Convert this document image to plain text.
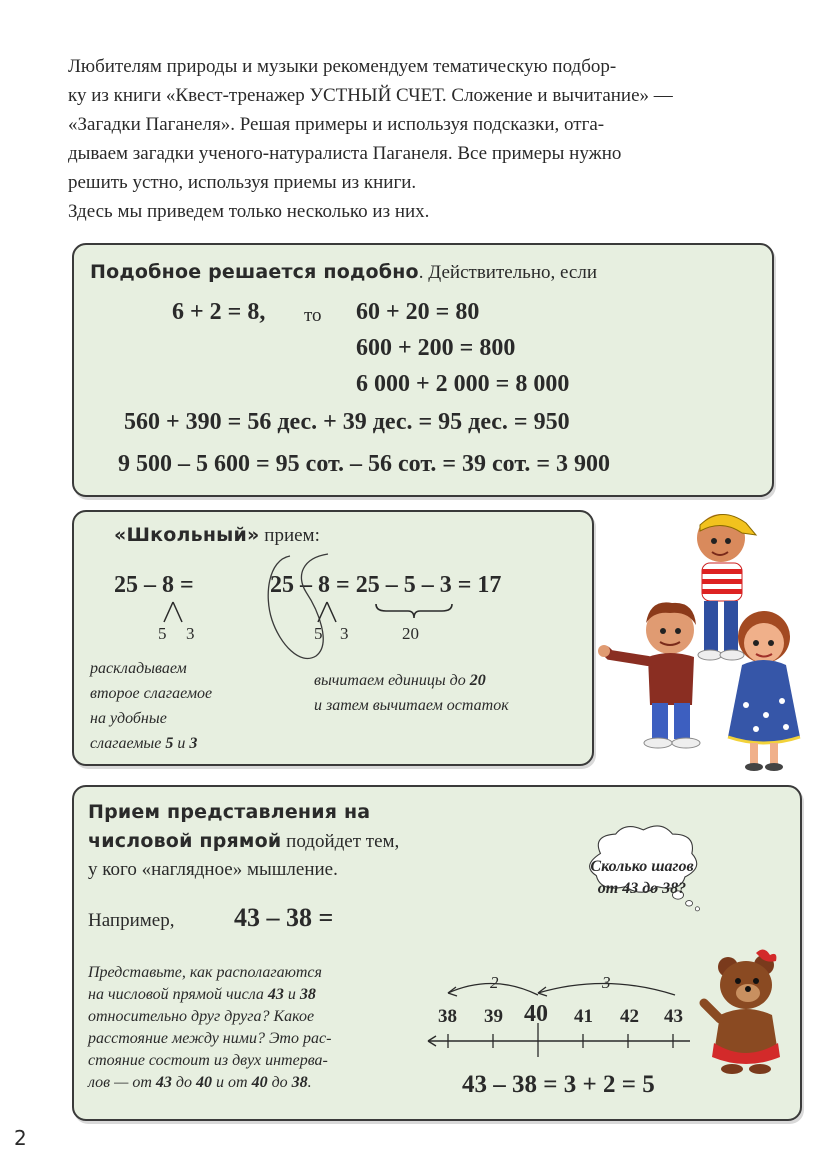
Любителям природы и музыки рекомендуем тематическую подбор-

ку из книги «Квест-тренажер УСТНЫЙ СЧЕТ. Сложение и вычитание» —

«Загадки Паганеля». Решая примеры и используя подсказки, отга-

дываем загадки ученого-натуралиста Паганеля. Все примеры нужно

решить устно, используя приемы из книги.

Здесь мы приведем только несколько из них.

Подобное решается подобно. Действительно, если
6 + 2 = 8, то 60 + 20 = 80
600 + 200 = 800
6 000 + 2 000 = 8 000
560 + 390 = 56 дес. + 39 дес. = 95 дес. = 950
9 500 – 5 600 = 95 сот. – 56 сот. = 39 сот. = 3 900
«Школьный» прием:
25 – 8 =
5 3
25 – 8 = 25 – 5 – 3 = 17
5 3	20
раскладываем
второе слагаемое
на удобные
слагаемые 5 и 3
вычитаем единицы до 20
и затем вычитаем остаток
Прием представления на
числовой прямой подойдет тем,
у кого «наглядное» мышление.
Например, 43 – 38 =
Представьте, как располагаются
на числовой прямой числа 43 и 38
относительно друг друга? Какое
расстояние между ними? Это рас-
стояние состоит из двух интерва-
лов — от 43 до 40 и от 40 до 38.
2	3
38 39 40 41 42 43
43 – 38 = 3 + 2 = 5
Сколько шагов
от 43 до 38?
2
